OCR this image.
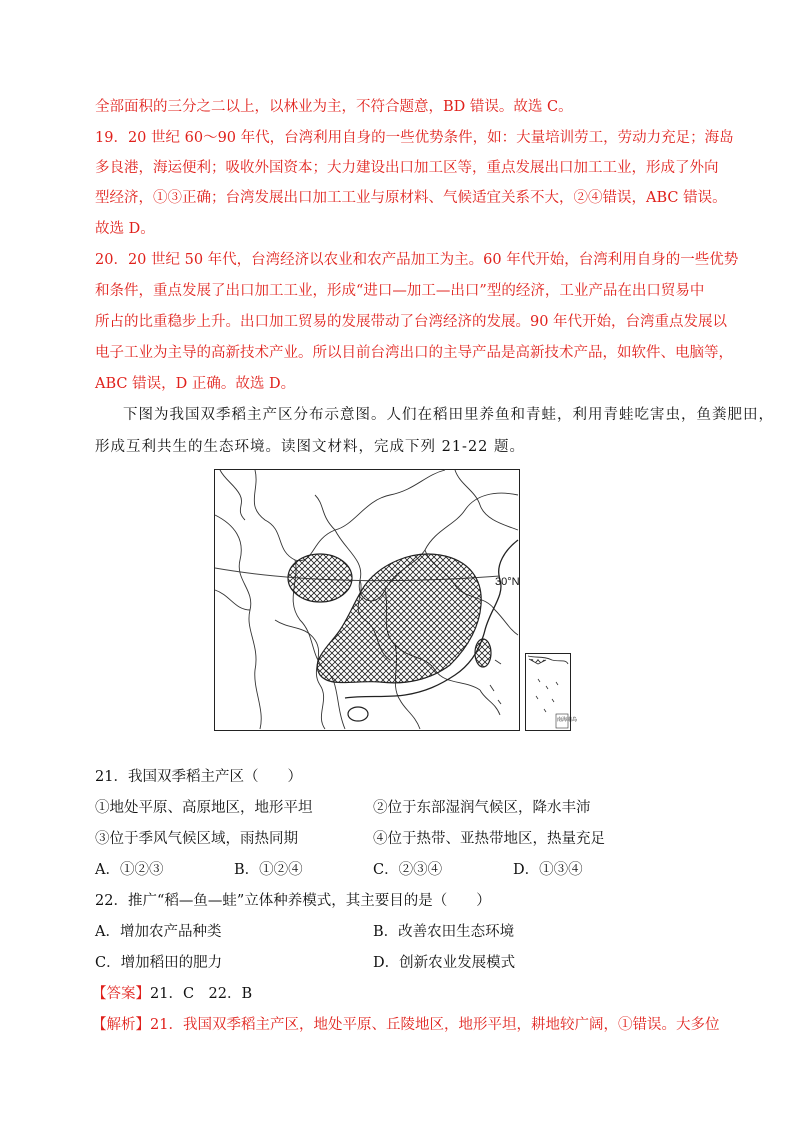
全部面积的三分之二以上，以林业为主，不符合题意，BD 错误。故选 C。
19．20 世纪 60～90 年代，台湾利用自身的一些优势条件，如：大量培训劳工，劳动力充足；海岛
多良港，海运便利；吸收外国资本；大力建设出口加工区等，重点发展出口加工工业，形成了外向
型经济，①③正确；台湾发展出口加工工业与原材料、气候适宜关系不大，②④错误，ABC 错误。
故选 D。
20．20 世纪 50 年代，台湾经济以农业和农产品加工为主。60 年代开始，台湾利用自身的一些优势
和条件，重点发展了出口加工工业，形成“进口—加工—出口”型的经济，工业产品在出口贸易中
所占的比重稳步上升。出口加工贸易的发展带动了台湾经济的发展。90 年代开始，台湾重点发展以
电子工业为主导的高新技术产业。所以目前台湾出口的主导产品是高新技术产品，如软件、电脑等，
ABC 错误，D 正确。故选 D。
下图为我国双季稻主产区分布示意图。人们在稻田里养鱼和青蛙，利用青蛙吃害虫，鱼粪肥田，
形成互利共生的生态环境。读图文材料，完成下列 21-22 题。
30°N
南海诸岛
21．我国双季稻主产区（　　）
①地处平原、高原地区，地形平坦	②位于东部湿润气候区，降水丰沛
③位于季风气候区域，雨热同期	④位于热带、亚热带地区，热量充足
A．①②③	B．①②④	C．②③④	D．①③④
22．推广“稻—鱼—蛙”立体种养模式，其主要目的是（　　）
A．增加农产品种类	B．改善农田生态环境
C．增加稻田的肥力	D．创新农业发展模式
【答案】21．C　22．B
【解析】21．我国双季稻主产区，地处平原、丘陵地区，地形平坦，耕地较广阔，①错误。大多位
